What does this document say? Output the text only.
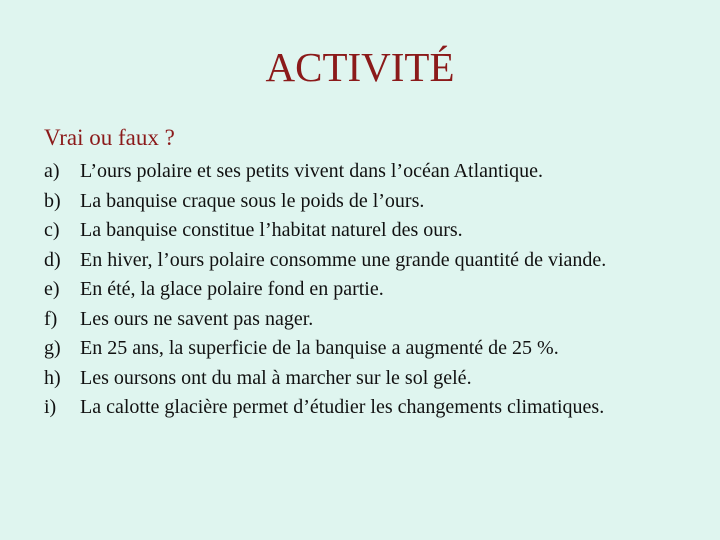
ACTIVITÉ
Vrai ou faux ?
a)	L’ours polaire et ses petits vivent dans l’océan Atlantique.
b) La banquise craque sous le poids de l’ours.
c)	La banquise constitue l’habitat naturel des ours.
d) En hiver, l’ours polaire consomme une grande quantité de viande.
e)	En été, la glace polaire fond en partie.
f)	Les ours ne savent pas nager.
g) En 25 ans, la superficie de la banquise a augmenté de 25 %.
h) Les oursons ont du mal à marcher sur le sol gelé.
i)	La calotte glacière permet d’étudier les changements climatiques.
